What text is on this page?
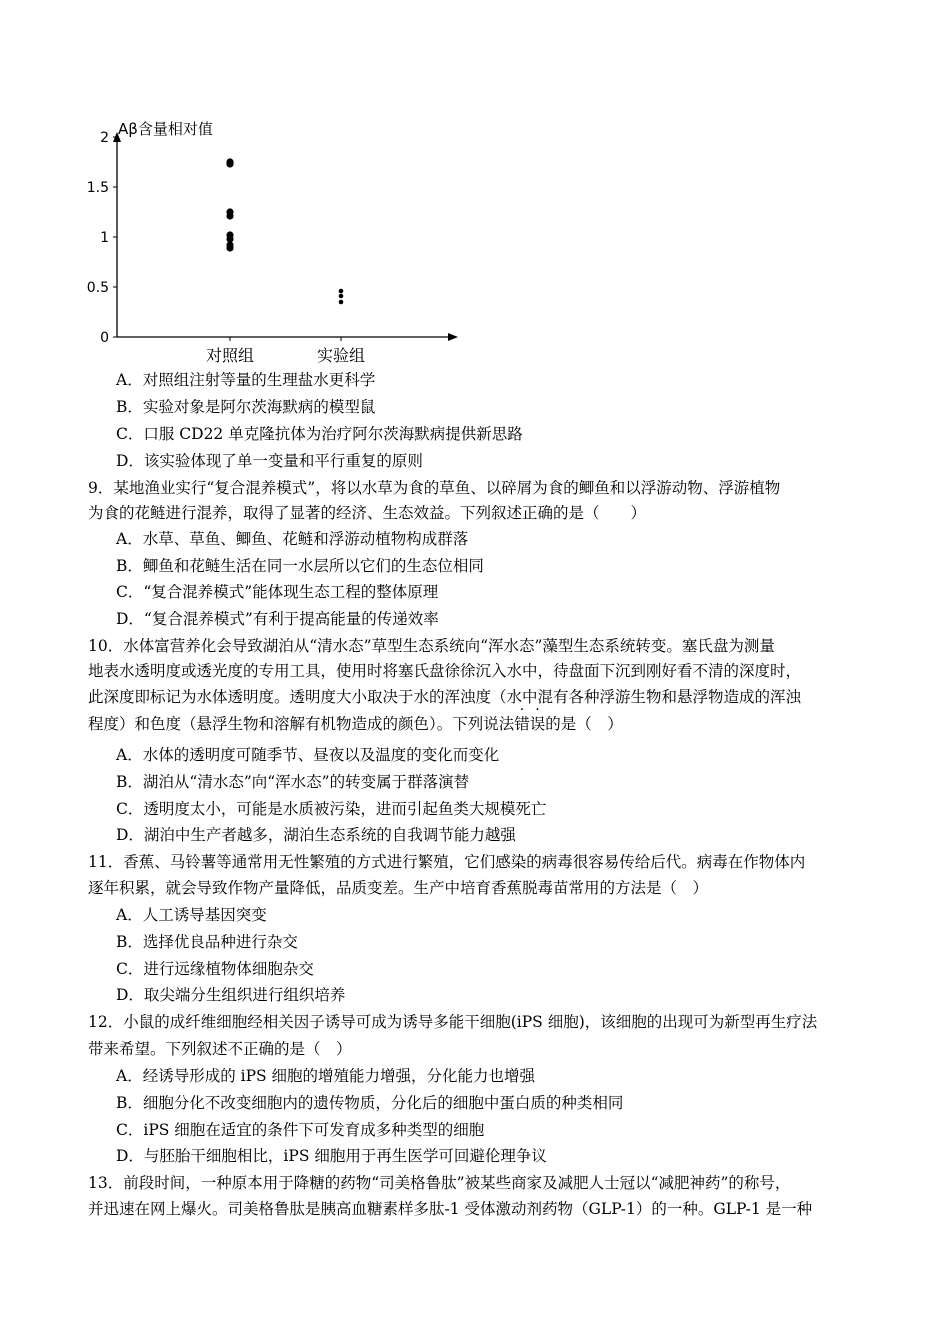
Aβ含量相对值
0
0.5
1
1.5
2
对照组	实验组
A．对照组注射等量的生理盐水更科学
B．实验对象是阿尔茨海默病的模型鼠
C．口服 CD22 单克隆抗体为治疗阿尔茨海默病提供新思路
D．该实验体现了单一变量和平行重复的原则
9．某地渔业实行“复合混养模式”，将以水草为食的草鱼、以碎屑为食的鲫鱼和以浮游动物、浮游植物
为食的花鲢进行混养，取得了显著的经济、生态效益。下列叙述正确的是（　　）
A．水草、草鱼、鲫鱼、花鲢和浮游动植物构成群落
B．鲫鱼和花鲢生活在同一水层所以它们的生态位相同
C．“复合混养模式”能体现生态工程的整体原理
D．“复合混养模式”有利于提高能量的传递效率
10．水体富营养化会导致湖泊从“清水态”草型生态系统向“浑水态”藻型生态系统转变。塞氏盘为测量
地表水透明度或透光度的专用工具，使用时将塞氏盘徐徐沉入水中，待盘面下沉到刚好看不清的深度时，
此深度即标记为水体透明度。透明度大小取决于水的浑浊度（水中混有各种浮游生物和悬浮物造成的浑浊
程度）和色度（悬浮生物和溶解有机物造成的颜色）。下列说法错误的是（　）
A．水体的透明度可随季节、昼夜以及温度的变化而变化
B．湖泊从“清水态”向“浑水态”的转变属于群落演替
C．透明度太小，可能是水质被污染，进而引起鱼类大规模死亡
D．湖泊中生产者越多，湖泊生态系统的自我调节能力越强
11．香蕉、马铃薯等通常用无性繁殖的方式进行繁殖，它们感染的病毒很容易传给后代。病毒在作物体内
逐年积累，就会导致作物产量降低，品质变差。生产中培育香蕉脱毒苗常用的方法是（　）
A．人工诱导基因突变
B．选择优良品种进行杂交
C．进行远缘植物体细胞杂交
D．取尖端分生组织进行组织培养
12．小鼠的成纤维细胞经相关因子诱导可成为诱导多能干细胞(iPS 细胞)，该细胞的出现可为新型再生疗法
带来希望。下列叙述不正确的是（　）
A．经诱导形成的 iPS 细胞的增殖能力增强，分化能力也增强
B．细胞分化不改变细胞内的遗传物质，分化后的细胞中蛋白质的种类相同
C．iPS 细胞在适宜的条件下可发育成多种类型的细胞
D．与胚胎干细胞相比，iPS 细胞用于再生医学可回避伦理争议
13．前段时间，一种原本用于降糖的药物“司美格鲁肽”被某些商家及减肥人士冠以“减肥神药”的称号，
并迅速在网上爆火。司美格鲁肽是胰高血糖素样多肽-1 受体激动剂药物（GLP-1）的一种。GLP-1 是一种
